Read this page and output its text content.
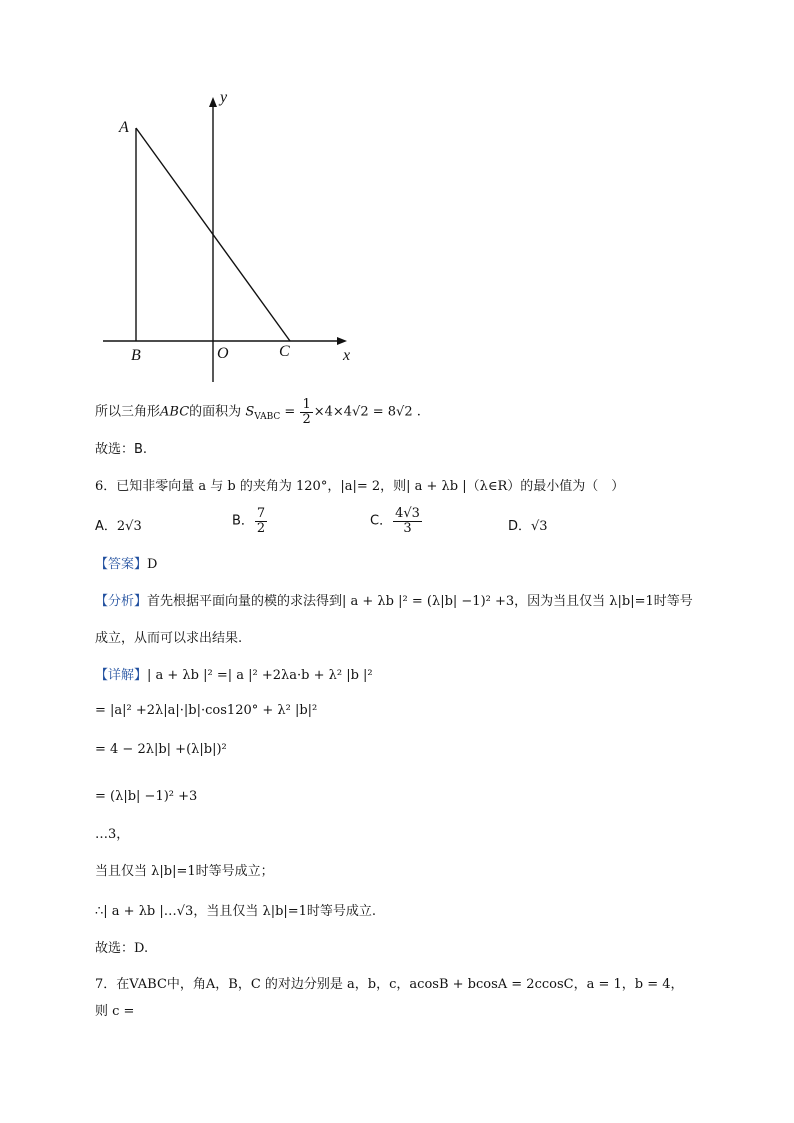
y
x
A
B	O	C
所以三角形ABC的面积为 $S_{VABC} = \frac{1}{2} \times 4\times 4√2 = 8√2$ .
故选：B.
6．已知非零向量 a 与 b 的夹角为 120°，|a|= 2，则| a + λb |（λ∈R）的最小值为（　）
A．2√3	B． $\frac{7}{2}$	C． $\frac{4√3}{3}$	D．√3
【答案】D
【分析】首先根据平面向量的模的求法得到| a + λb |² = (λ|b| −1)² +3，因为当且仅当 λ|b|=1时等号
成立，从而可以求出结果.
【详解】| a + λb |² =| a |² +2λa·b + λ² |b |²
= |a|² +2λ|a|·|b|·cos120° + λ² |b|²
= 4 − 2λ|b| +(λ|b|)²
= (λ|b| −1)² +3
…3，
当且仅当 λ|b|=1时等号成立；
∴| a + λb |…√3，当且仅当 λ|b|=1时等号成立.
故选：D.
7．在VABC中，角A，B，C 的对边分别是 a，b，c，acosB + bcosA = 2ccosC，a = 1，b = 4，
则 c =
